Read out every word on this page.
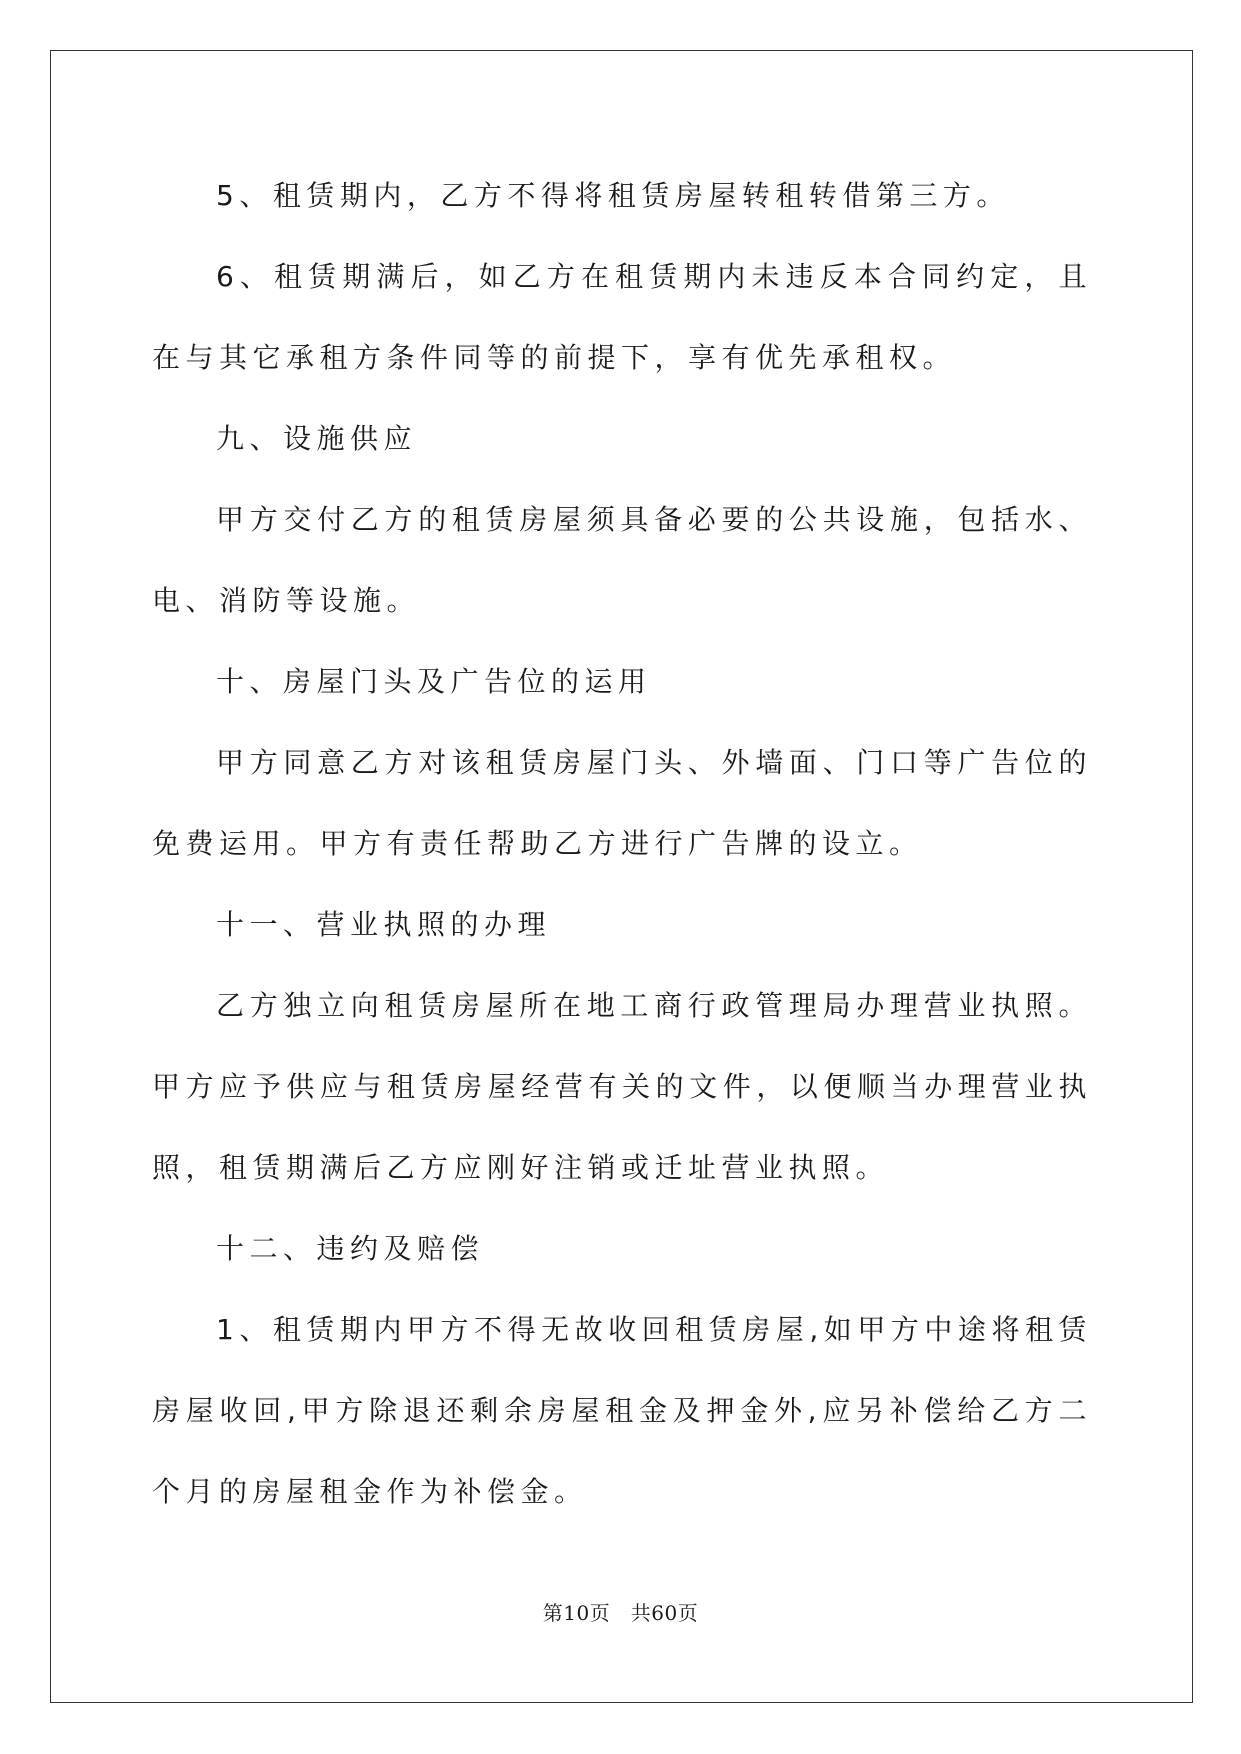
5、租赁期内，乙方不得将租赁房屋转租转借第三方。

6、租赁期满后，如乙方在租赁期内未违反本合同约定，且在与其它承租方条件同等的前提下，享有优先承租权。

九、设施供应

甲方交付乙方的租赁房屋须具备必要的公共设施，包括水、电、消防等设施。

十、房屋门头及广告位的运用

甲方同意乙方对该租赁房屋门头、外墙面、门口等广告位的免费运用。甲方有责任帮助乙方进行广告牌的设立。

十一、营业执照的办理

乙方独立向租赁房屋所在地工商行政管理局办理营业执照。甲方应予供应与租赁房屋经营有关的文件，以便顺当办理营业执照，租赁期满后乙方应刚好注销或迁址营业执照。

十二、违约及赔偿

1、租赁期内甲方不得无故收回租赁房屋,如甲方中途将租赁房屋收回,甲方除退还剩余房屋租金及押金外,应另补偿给乙方二个月的房屋租金作为补偿金。

第10页 共60页
